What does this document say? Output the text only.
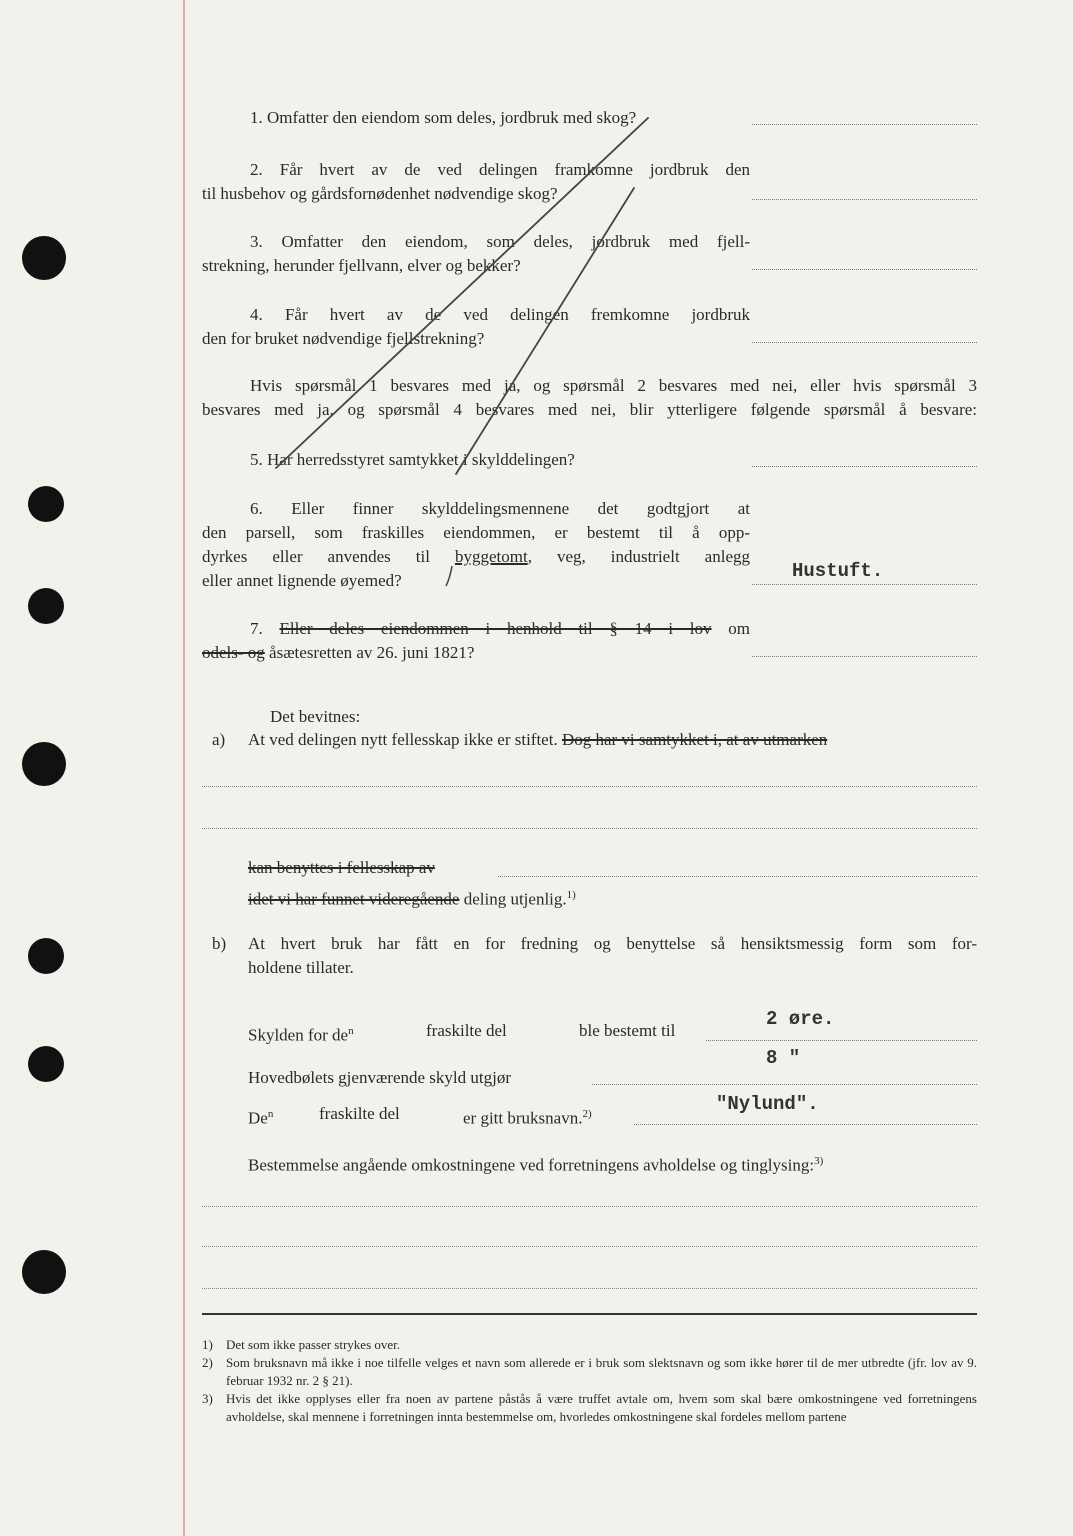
1. Omfatter den eiendom som deles, jordbruk med skog?
2. Får hvert av de ved delingen framkomne jordbruk den
til husbehov og gårdsfornødenhet nødvendige skog?
3. Omfatter den eiendom, som deles, jordbruk med fjell-
strekning, herunder fjellvann, elver og bekker?
4. Får hvert av de ved delingen fremkomne jordbruk
den for bruket nødvendige fjellstrekning?
Hvis spørsmål 1 besvares med ja, og spørsmål 2 besvares med nei, eller hvis spørsmål 3
besvares med ja, og spørsmål 4 besvares med nei, blir ytterligere følgende spørsmål å besvare:
5. Har herredsstyret samtykket i skylddelingen?
6. Eller finner skylddelingsmennene det godtgjort at
den parsell, som fraskilles eiendommen, er bestemt til å opp-
dyrkes eller anvendes til byggetomt, veg, industrielt anlegg
eller annet lignende øyemed?	Hustuft.
7. Eller deles eiendommen i henhold til § 14 i lov om
odels- og åsætesretten av 26. juni 1821?
Det bevitnes:
a) At ved delingen nytt fellesskap ikke er stiftet. Dog har vi samtykket i, at av utmarken
kan benyttes i fellesskap av
idet vi har funnet videregående deling utjenlig.$^{1)}$
b) At hvert bruk har fått en for fredning og benyttelse så hensiktsmessig form som for-
holdene tillater.
Skylden for $de^n$	fraskilte del	ble bestemt til
2 øre.
Hovedbølets gjenværende skyld utgjør
8 "
De$^n$	fraskilte del	er gitt bruksnavn.$^{2)}$	"Nylund".
Bestemmelse angående omkostningene ved forretningens avholdelse og tinglysing:$^{3)}$
1)	Det som ikke passer strykes over.
2)	Som bruksnavn må ikke i noe tilfelle velges et navn som allerede er i bruk som slektsnavn og som ikke hører til de mer utbredte (jfr. lov av 9. februar 1932 nr. 2 § 21).
3)	Hvis det ikke opplyses eller fra noen av partene påstås å være truffet avtale om, hvem som skal bære omkostningene ved forretningens avholdelse, skal mennene i forretningen innta bestemmelse om, hvorledes omkostningene skal fordeles mellom partene
